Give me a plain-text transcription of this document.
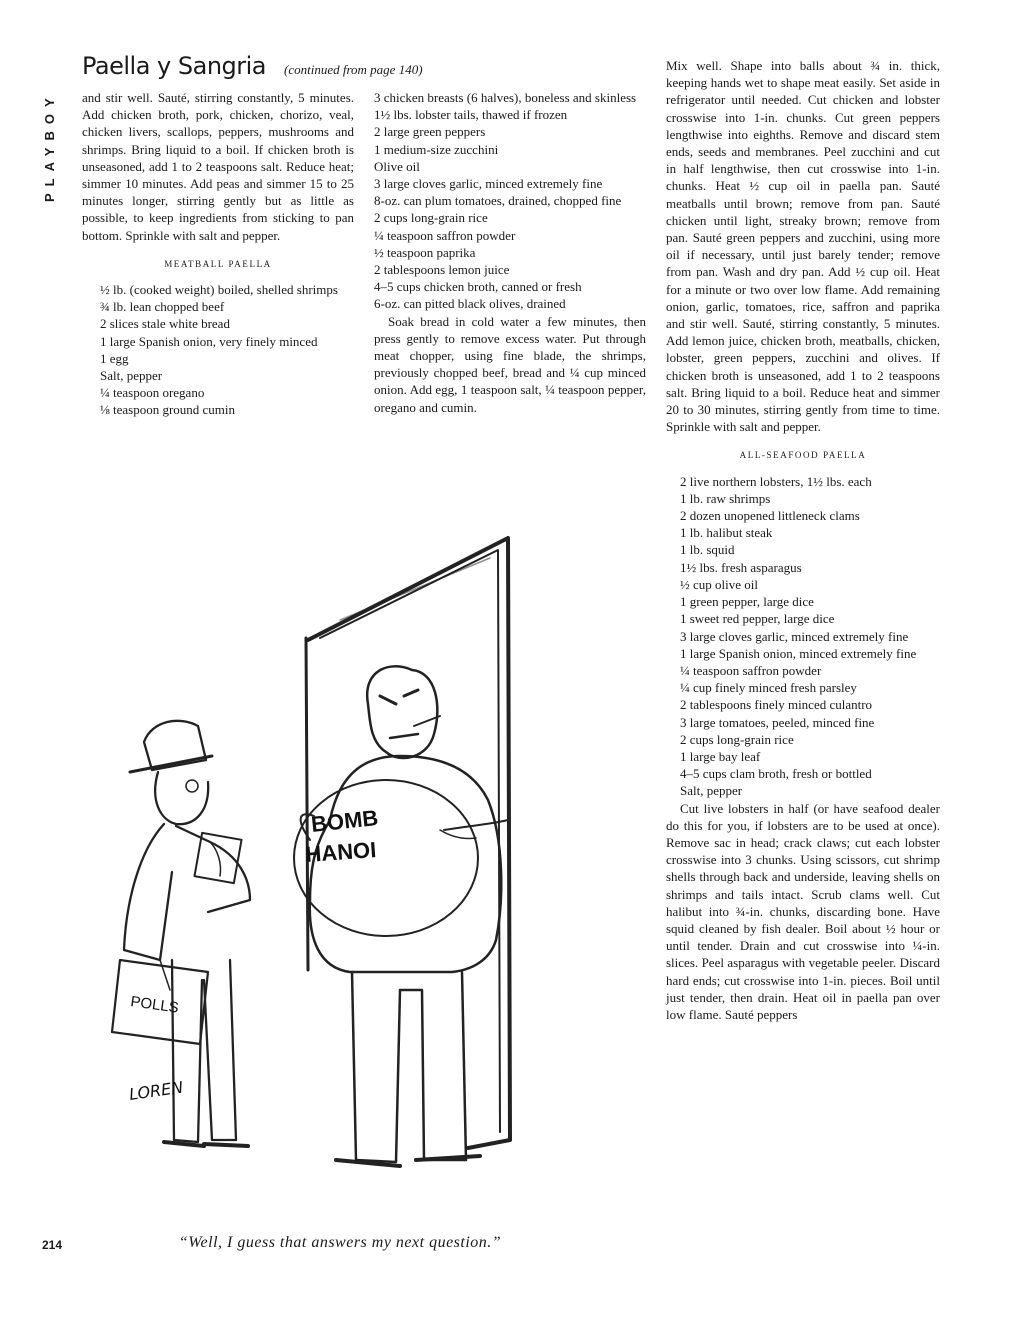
PLAYBOY
Paella y Sangria (continued from page 140)

and stir well. Sauté, stirring constantly, 5 minutes. Add chicken broth, pork, chicken, chorizo, veal, chicken livers, scallops, peppers, mushrooms and shrimps. Bring liquid to a boil. If chicken broth is unseasoned, add 1 to 2 teaspoons salt. Reduce heat; simmer 10 minutes. Add peas and simmer 15 to 25 minutes longer, stirring gently but as little as possible, to keep ingredients from sticking to pan bottom. Sprinkle with salt and pepper.

MEATBALL PAELLA

½ lb. (cooked weight) boiled, shelled shrimps
¾ lb. lean chopped beef
2 slices stale white bread
1 large Spanish onion, very finely minced
1 egg
Salt, pepper
¼ teaspoon oregano
⅛ teaspoon ground cumin
3 chicken breasts (6 halves), boneless and skinless
1½ lbs. lobster tails, thawed if frozen
2 large green peppers
1 medium-size zucchini
Olive oil
3 large cloves garlic, minced extremely fine
8-oz. can plum tomatoes, drained, chopped fine
2 cups long-grain rice
¼ teaspoon saffron powder
½ teaspoon paprika
2 tablespoons lemon juice
4–5 cups chicken broth, canned or fresh
6-oz. can pitted black olives, drained

Soak bread in cold water a few minutes, then press gently to remove excess water. Put through meat chopper, using fine blade, the shrimps, previously chopped beef, bread and ¼ cup minced onion. Add egg, 1 teaspoon salt, ¼ teaspoon pepper, oregano and cumin.

Mix well. Shape into balls about ¾ in. thick, keeping hands wet to shape meat easily. Set aside in refrigerator until needed. Cut chicken and lobster crosswise into 1-in. chunks. Cut green peppers lengthwise into eighths. Remove and discard stem ends, seeds and membranes. Peel zucchini and cut in half lengthwise, then cut crosswise into 1-in. chunks. Heat ½ cup oil in paella pan. Sauté meatballs until brown; remove from pan. Sauté chicken until light, streaky brown; remove from pan. Sauté green peppers and zucchini, using more oil if necessary, until just barely tender; remove from pan. Wash and dry pan. Add ½ cup oil. Heat for a minute or two over low flame. Add remaining onion, garlic, tomatoes, rice, saffron and paprika and stir well. Sauté, stirring constantly, 5 minutes. Add lemon juice, chicken broth, meatballs, chicken, lobster, green peppers, zucchini and olives. If chicken broth is unseasoned, add 1 to 2 teaspoons salt. Bring liquid to a boil. Reduce heat and simmer 20 to 30 minutes, stirring gently from time to time. Sprinkle with salt and pepper.

ALL-SEAFOOD PAELLA

2 live northern lobsters, 1½ lbs. each
1 lb. raw shrimps
2 dozen unopened littleneck clams
1 lb. halibut steak
1 lb. squid
1½ lbs. fresh asparagus
½ cup olive oil
1 green pepper, large dice
1 sweet red pepper, large dice
3 large cloves garlic, minced extremely fine
1 large Spanish onion, minced extremely fine
¼ teaspoon saffron powder
¼ cup finely minced fresh parsley
2 tablespoons finely minced culantro
3 large tomatoes, peeled, minced fine
2 cups long-grain rice
1 large bay leaf
4–5 cups clam broth, fresh or bottled
Salt, pepper

Cut live lobsters in half (or have seafood dealer do this for you, if lobsters are to be used at once). Remove sac in head; crack claws; cut each lobster crosswise into 3 chunks. Using scissors, cut shrimp shells through back and underside, leaving shells on shrimps and tails intact. Scrub clams well. Cut halibut into ¾-in. chunks, discarding bone. Have squid cleaned by fish dealer. Boil about ½ hour or until tender. Drain and cut crosswise into ¼-in. slices. Peel asparagus with vegetable peeler. Discard hard ends; cut crosswise into 1-in. pieces. Boil until just tender, then drain. Heat oil in paella pan over low flame. Sauté peppers

BOMB
HANOI
POLLS
LOREN
“Well, I guess that answers my next question.”
214
